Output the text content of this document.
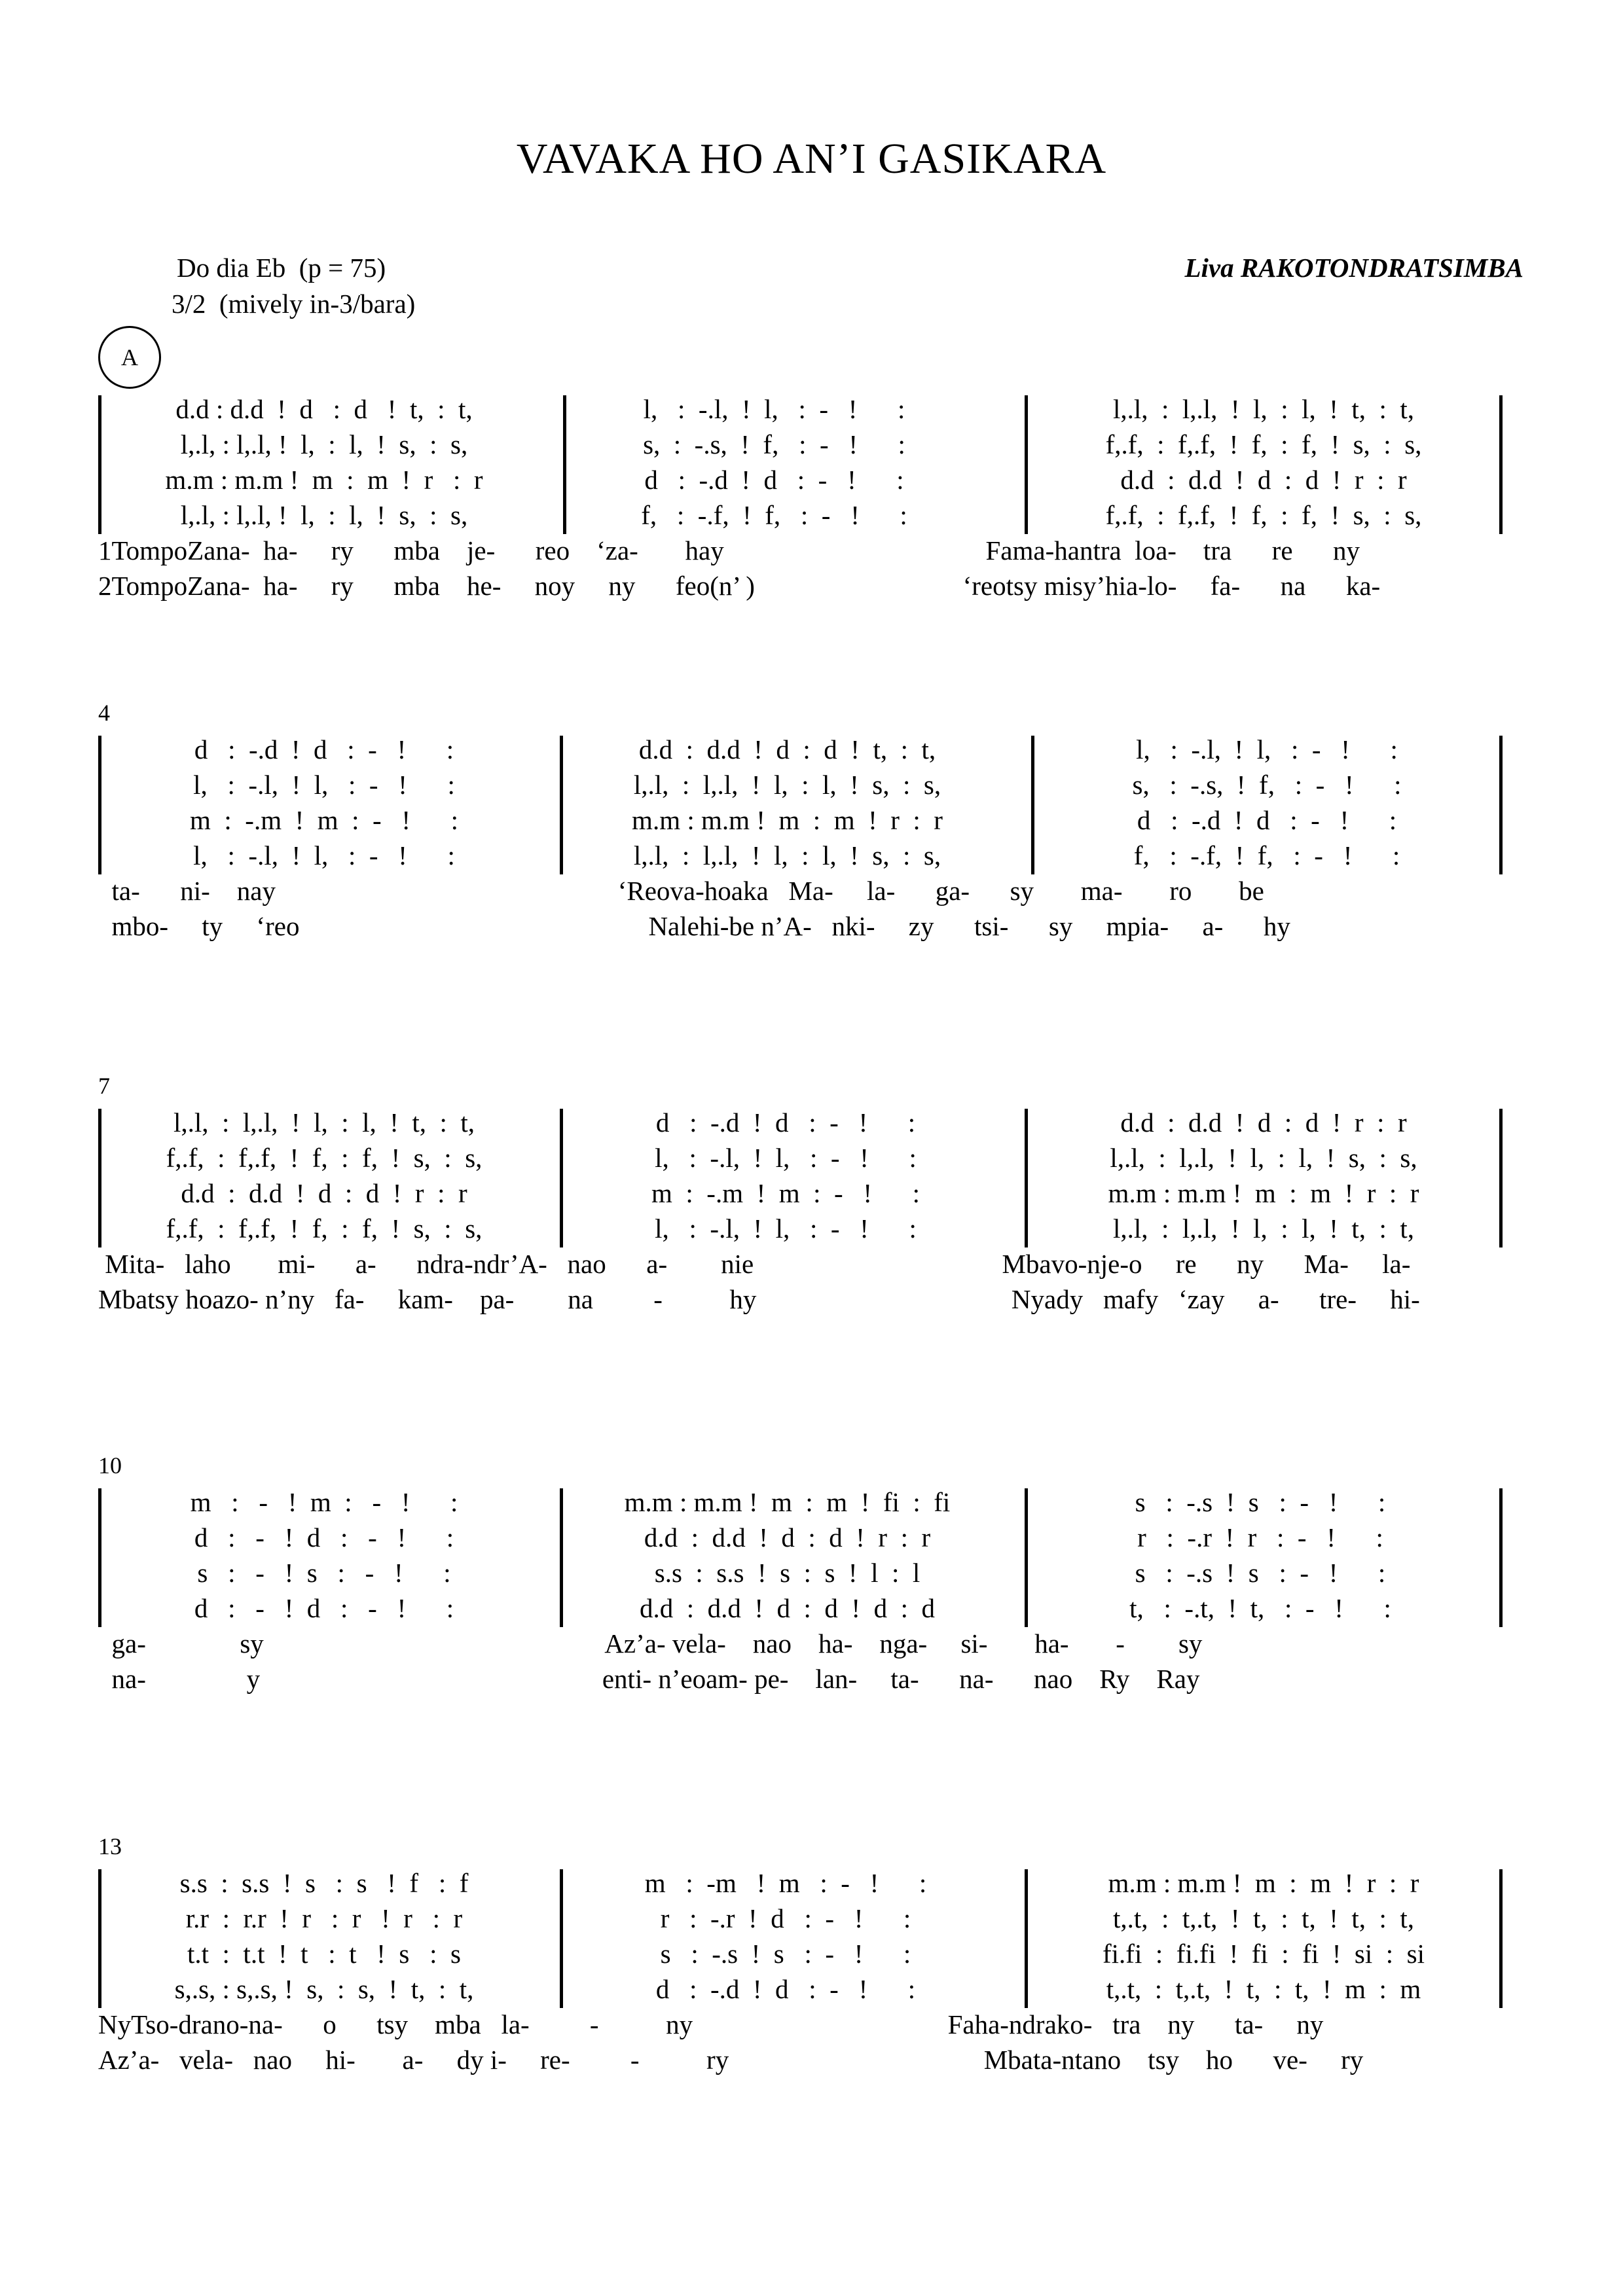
VAVAKA HO AN’I GASIKARA
Do dia Eb  (p = 75)
3/2  (mively in-3/bara)
Liva RAKOTONDRATSIMBA
A
d.d : d.d  !  d   :  d   !  t,  :  t,
l,.l, : l,.l, !  l,  :  l,  !  s,  :  s,
m.m : m.m !  m  :  m  !  r   :  r
l,.l, : l,.l, !  l,  :  l,  !  s,  :  s,
l,   :  -.l,  !  l,   :  -   !      :
s,  :  -.s,  !  f,   :  -   !      :
d   :  -.d  !  d   :  -   !      :
f,   :  -.f,  !  f,   :  -   !      :
l,.l,  :  l,.l,  !  l,  :  l,  !  t,  :  t,
f,.f,  :  f,.f,  !  f,  :  f,  !  s,  :  s,
d.d  :  d.d  !  d  :  d  !  r  :  r
f,.f,  :  f,.f,  !  f,  :  f,  !  s,  :  s,
1TompoZana-  ha-     ry      mba    je-      reo    ‘za-       hay                                       Fama-hantra  loa-    tra      re      ny
2TompoZana-  ha-     ry      mba    he-     noy     ny      feo(n’ )                               ‘reotsy misy’hia-lo-     fa-      na      ka-
4
d   :  -.d  !  d   :  -   !      :
l,   :  -.l,  !  l,   :  -   !      :
m  :  -.m  !  m  :  -   !      :
l,   :  -.l,  !  l,   :  -   !      :
d.d  :  d.d  !  d  :  d  !  t,  :  t,
l,.l,  :  l,.l,  !  l,  :  l,  !  s,  :  s,
m.m : m.m !  m  :  m  !  r  :  r
l,.l,  :  l,.l,  !  l,  :  l,  !  s,  :  s,
l,   :  -.l,  !  l,   :  -   !      :
s,   :  -.s,  !  f,   :  -   !      :
d   :  -.d  !  d   :  -   !      :
f,   :  -.f,  !  f,   :  -   !      :
ta-      ni-    nay                                                   ‘Reova-hoaka   Ma-     la-      ga-      sy       ma-       ro       be
mbo-     ty     ‘reo                                                    Nalehi-be n’A-   nki-     zy      tsi-      sy     mpia-     a-      hy
7
l,.l,  :  l,.l,  !  l,  :  l,  !  t,  :  t,
f,.f,  :  f,.f,  !  f,  :  f,  !  s,  :  s,
d.d  :  d.d  !  d  :  d  !  r  :  r
f,.f,  :  f,.f,  !  f,  :  f,  !  s,  :  s,
d   :  -.d  !  d   :  -   !      :
l,   :  -.l,  !  l,   :  -   !      :
m  :  -.m  !  m  :  -   !      :
l,   :  -.l,  !  l,   :  -   !      :
d.d  :  d.d  !  d  :  d  !  r  :  r
l,.l,  :  l,.l,  !  l,  :  l,  !  s,  :  s,
m.m : m.m !  m  :  m  !  r  :  r
l,.l,  :  l,.l,  !  l,  :  l,  !  t,  :  t,
Mita-   laho       mi-      a-      ndra-ndr’A-   nao      a-        nie                                     Mbavo-nje-o     re      ny      Ma-     la-
Mbatsy hoazo- n’ny   fa-     kam-    pa-        na         -          hy                                      Nyady   mafy   ‘zay     a-      tre-     hi-
10
m   :   -   !  m  :   -   !      :
d   :   -   !  d   :   -   !      :
s   :   -   !  s   :   -   !      :
d   :   -   !  d   :   -   !      :
m.m : m.m !  m  :  m  !  fi  :  fi
d.d  :  d.d  !  d  :  d  !  r  :  r
s.s  :  s.s  !  s  :  s  !  l  :  l
d.d  :  d.d  !  d  :  d  !  d  :  d
s   :  -.s  !  s   :  -   !      :
r   :  -.r  !  r   :  -   !      :
s   :  -.s  !  s   :  -   !      :
t,   :  -.t,  !  t,   :  -   !      :
ga-              sy                                                   Az’a- vela-    nao    ha-    nga-     si-       ha-       -        sy
na-               y                                                   enti- n’eoam- pe-    lan-     ta-      na-      nao    Ry    Ray
13
s.s  :  s.s  !  s   :  s   !  f   :  f
r.r  :  r.r  !  r   :  r   !  r   :  r
t.t  :  t.t  !  t   :  t   !  s   :  s
s,.s, : s,.s, !  s,  :  s,  !  t,  :  t,
m   :  -m   !  m   :  -   !      :
r   :  -.r  !  d   :  -   !      :
s   :  -.s  !  s   :  -   !      :
d   :  -.d  !  d   :  -   !      :
m.m : m.m !  m  :  m  !  r  :  r
t,.t,  :  t,.t,  !  t,  :  t,  !  t,  :  t,
fi.fi  :  fi.fi  !  fi  :  fi  !  si  :  si
t,.t,  :  t,.t,  !  t,  :  t,  !  m  :  m
NyTso-drano-na-      o      tsy    mba   la-         -          ny                                      Faha-ndrako-   tra    ny      ta-     ny
Az’a-   vela-   nao     hi-       a-     dy i-     re-         -          ry                                      Mbata-ntano    tsy    ho      ve-     ry
